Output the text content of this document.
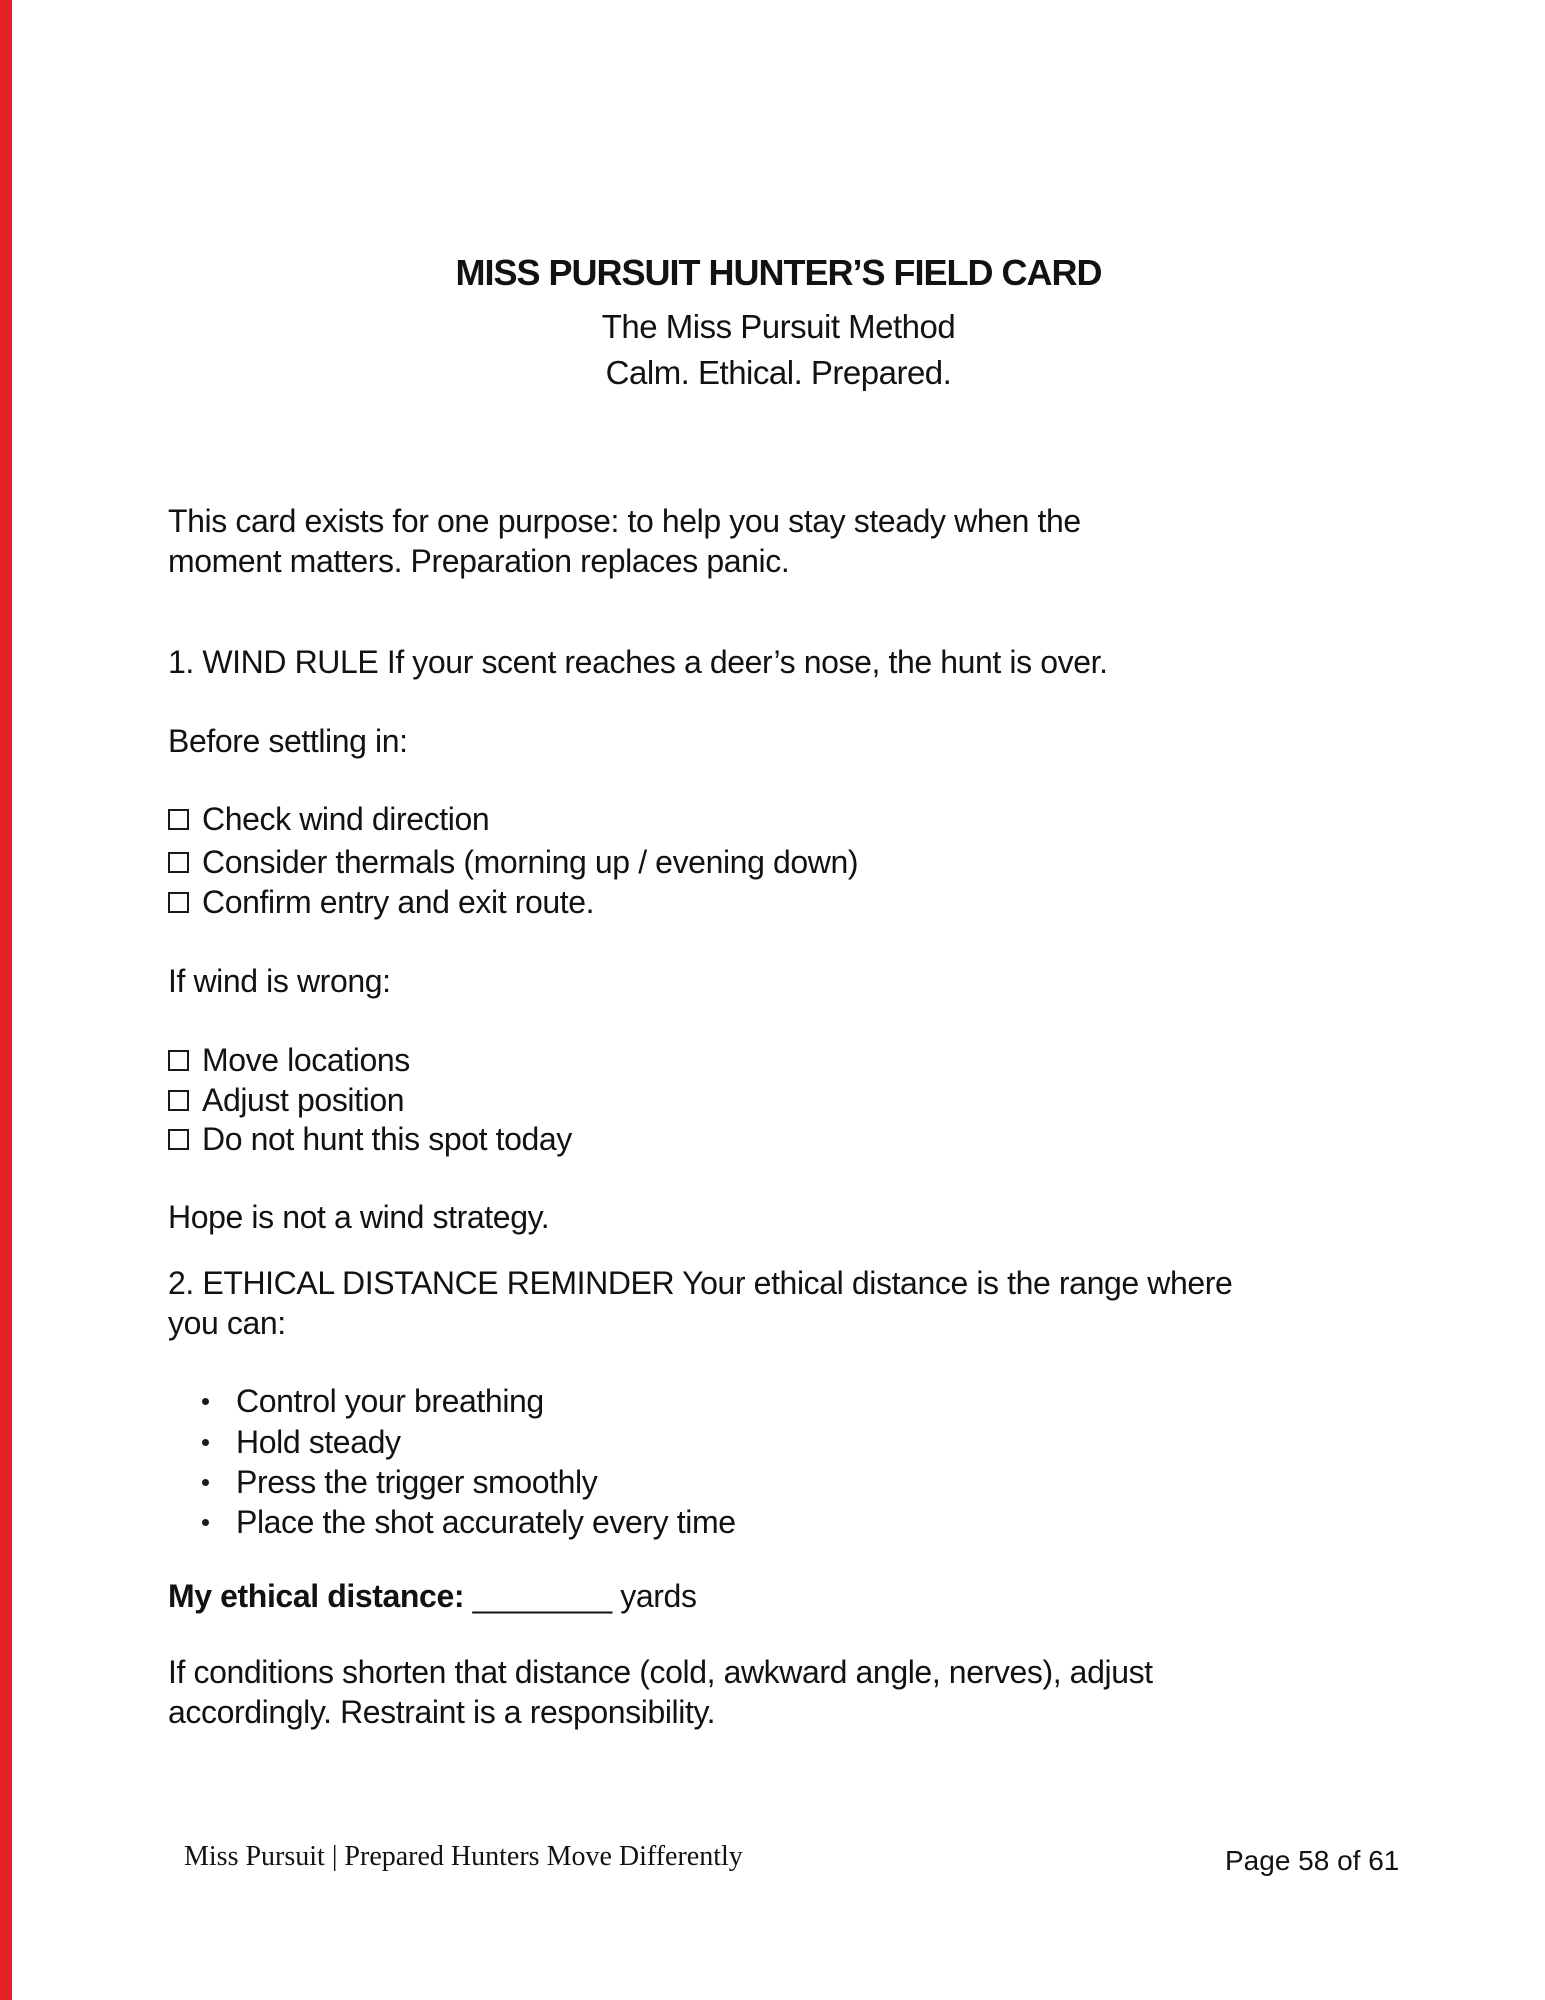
MISS PURSUIT HUNTER’S FIELD CARD
The Miss Pursuit Method
Calm. Ethical. Prepared.
This card exists for one purpose: to help you stay steady when the
moment matters. Preparation replaces panic.
1. WIND RULE If your scent reaches a deer’s nose, the hunt is over.
Before settling in:
Check wind direction
Consider thermals (morning up / evening down)
Confirm entry and exit route.
If wind is wrong:
Move locations
Adjust position
Do not hunt this spot today
Hope is not a wind strategy.
2. ETHICAL DISTANCE REMINDER Your ethical distance is the range where
you can:
Control your breathing
Hold steady
Press the trigger smoothly
Place the shot accurately every time
My ethical distance: ________ yards
If conditions shorten that distance (cold, awkward angle, nerves), adjust
accordingly. Restraint is a responsibility.
Miss Pursuit | Prepared Hunters Move Differently	Page 58 of 61
